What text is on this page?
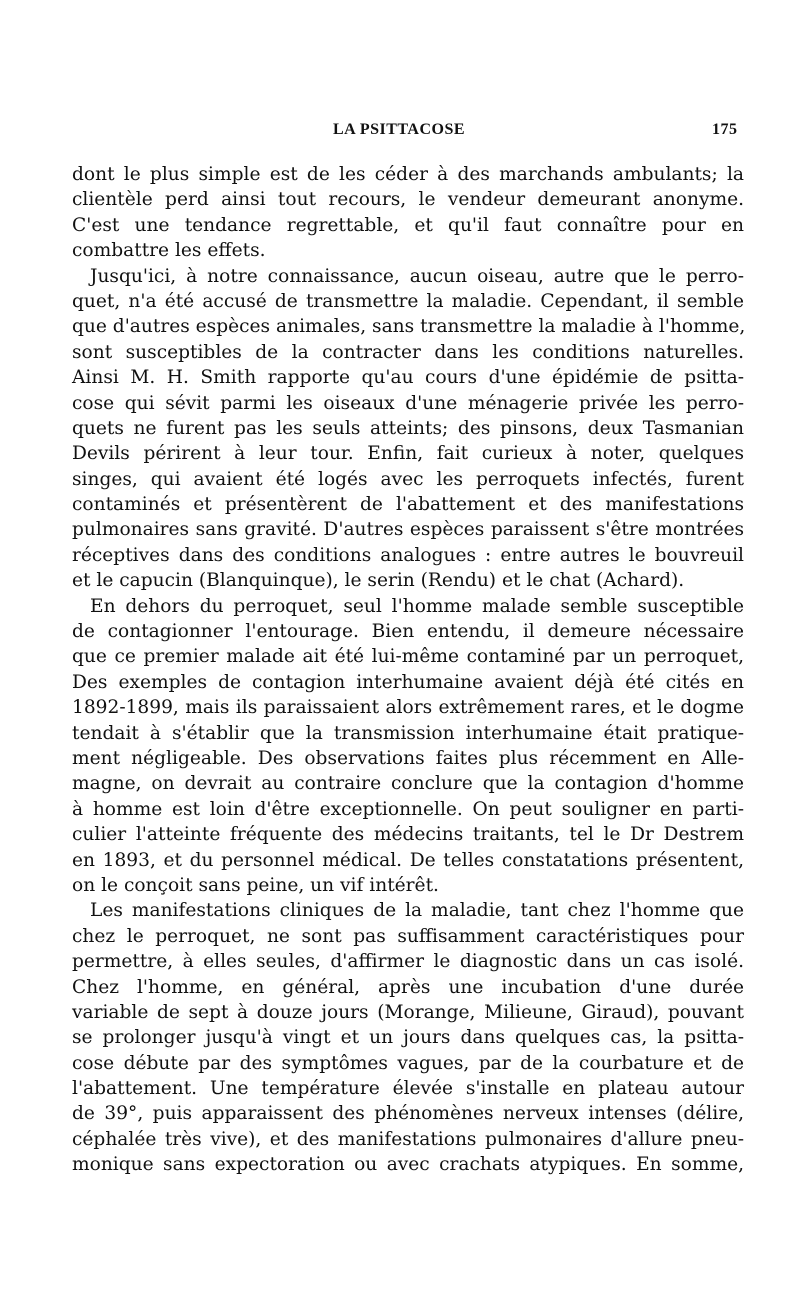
LA PSITTACOSE	175
dont le plus simple est de les céder à des marchands ambulants; la
clientèle perd ainsi tout recours, le vendeur demeurant anonyme.
C'est une tendance regrettable, et qu'il faut connaître pour en
combattre les effets.
Jusqu'ici, à notre connaissance, aucun oiseau, autre que le perro-
quet, n'a été accusé de transmettre la maladie. Cependant, il semble
que d'autres espèces animales, sans transmettre la maladie à l'homme,
sont susceptibles de la contracter dans les conditions naturelles.
Ainsi M. H. Smith rapporte qu'au cours d'une épidémie de psitta-
cose qui sévit parmi les oiseaux d'une ménagerie privée les perro-
quets ne furent pas les seuls atteints; des pinsons, deux Tasmanian
Devils périrent à leur tour. Enfin, fait curieux à noter, quelques
singes, qui avaient été logés avec les perroquets infectés, furent
contaminés et présentèrent de l'abattement et des manifestations
pulmonaires sans gravité. D'autres espèces paraissent s'être montrées
réceptives dans des conditions analogues : entre autres le bouvreuil
et le capucin (Blanquinque), le serin (Rendu) et le chat (Achard).
En dehors du perroquet, seul l'homme malade semble susceptible
de contagionner l'entourage. Bien entendu, il demeure nécessaire
que ce premier malade ait été lui-même contaminé par un perroquet,
Des exemples de contagion interhumaine avaient déjà été cités en
1892-1899, mais ils paraissaient alors extrêmement rares, et le dogme
tendait à s'établir que la transmission interhumaine était pratique-
ment négligeable. Des observations faites plus récemment en Alle-
magne, on devrait au contraire conclure que la contagion d'homme
à homme est loin d'être exceptionnelle. On peut souligner en parti-
culier l'atteinte fréquente des médecins traitants, tel le Dr Destrem
en 1893, et du personnel médical. De telles constatations présentent,
on le conçoit sans peine, un vif intérêt.
Les manifestations cliniques de la maladie, tant chez l'homme que
chez le perroquet, ne sont pas suffisamment caractéristiques pour
permettre, à elles seules, d'affirmer le diagnostic dans un cas isolé.
Chez l'homme, en général, après une incubation d'une durée
variable de sept à douze jours (Morange, Milieune, Giraud), pouvant
se prolonger jusqu'à vingt et un jours dans quelques cas, la psitta-
cose débute par des symptômes vagues, par de la courbature et de
l'abattement. Une température élevée s'installe en plateau autour
de 39°, puis apparaissent des phénomènes nerveux intenses (délire,
céphalée très vive), et des manifestations pulmonaires d'allure pneu-
monique sans expectoration ou avec crachats atypiques. En somme,
